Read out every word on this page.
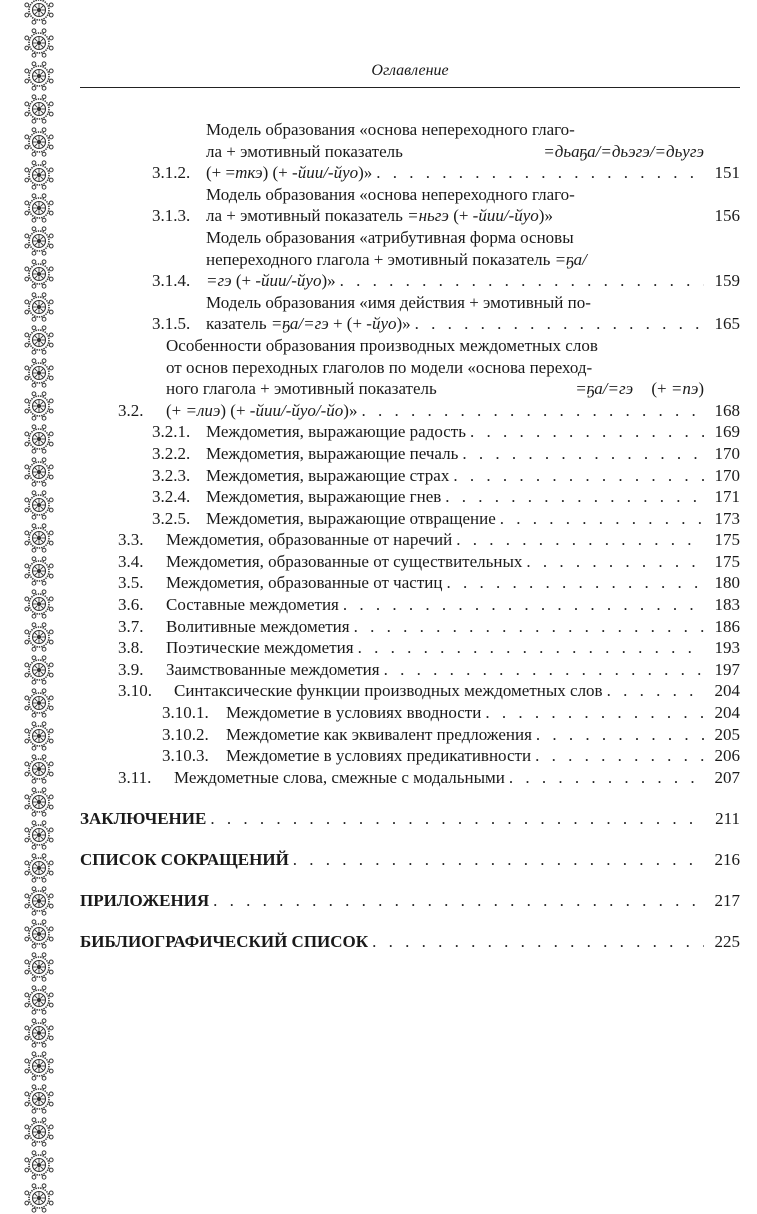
Оглавление
3.1.2.
Модель образования «основа непереходного глаго-
ла + эмотивный показатель	=дьаҕа/=дьэгэ/=дьугэ
(+ =ткэ) (+ -йии/-йуо)» . . .	151
3.1.3.
Модель образования «основа непереходного глаго-
ла + эмотивный показатель =ньгэ (+ -йии/-йуо)»	156
3.1.4.
Модель образования «атрибутивная форма основы
непереходного глагола + эмотивный показатель =ҕа/
=гэ (+ -йии/-йуо)» . . .	159
3.1.5.
Модель образования «имя действия + эмотивный по-
казатель =ҕа/=гэ + (+ -йуо)» . . .	165
3.2.
Особенности образования производных междометных слов
от основ переходных глаголов по модели «основа переход-
ного глагола + эмотивный показатель	=ҕа/=гэ (+ =пэ)
(+ =лиэ) (+ -йии/-йуо/-йо)» . . .	168
3.2.1. Междометия, выражающие радость . . .	169
3.2.2. Междометия, выражающие печаль . . .	170
3.2.3. Междометия, выражающие страх . . .	170
3.2.4. Междометия, выражающие гнев . . .	171
3.2.5. Междометия, выражающие отвращение . . .	173
3.3.	Междометия, образованные от наречий . . .	175
3.4.	Междометия, образованные от существительных . . .	175
3.5.	Междометия, образованные от частиц . . .	180
3.6.	Составные междометия . . .	183
3.7.	Волитивные междометия . . .	186
3.8.	Поэтические междометия . . .	193
3.9.	Заимствованные междометия . . .	197
3.10.	Синтаксические функции производных междометных слов . . .	204
3.10.1.	Междометие в условиях вводности . . .	204
3.10.2.	Междометие как эквивалент предложения . . .	205
3.10.3.	Междометие в условиях предикативности . . .	206
3.11.	Междометные слова, смежные с модальными . . .	207
ЗАКЛЮЧЕНИЕ . . .	211
СПИСОК СОКРАЩЕНИЙ . . .	216
ПРИЛОЖЕНИЯ . . .	217
БИБЛИОГРАФИЧЕСКИЙ СПИСОК . . .	225
